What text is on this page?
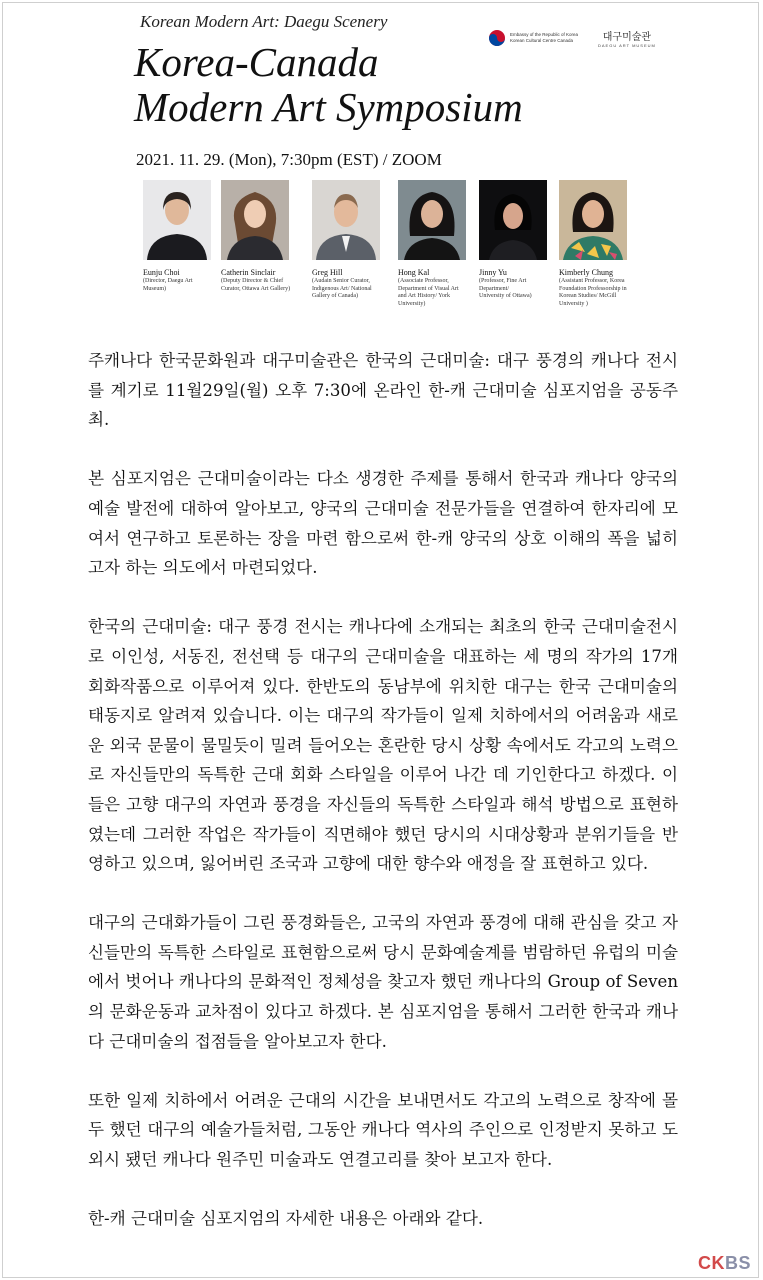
Korean Modern Art: Daegu Scenery
Korea-Canada
Modern Art Symposium
2021. 11. 29. (Mon), 7:30pm (EST) / ZOOM
Embassy of the Republic of Korea
Korean Cultural Centre Canada	대구미술관
DAEGU ART MUSEUM
Eunju Choi
(Director, Daegu Art
Museum)
Catherin Sinclair
(Deputy Director & Chief
Curator, Ottawa Art Gallery)
Greg Hill
(Audain Senior Curator,
Indigenous Art/ National
Gallery of Canada)
Hong Kal
(Associate Professor,
Department of Visual Art
and Art History/ York
University)
Jinny Yu
(Professor, Fine Art
Department/
University of Ottawa)
Kimberly Chung
(Assistant Professor, Korea
Foundation Professorship in
Korean Studies/ McGill
University )

주캐나다 한국문화원과 대구미술관은 한국의 근대미술: 대구 풍경의 캐나다 전시를 계기로 11월29일(월) 오후 7:30에 온라인 한-캐 근대미술 심포지엄을 공동주최.

본 심포지엄은 근대미술이라는 다소 생경한 주제를 통해서 한국과 캐나다 양국의 예술 발전에 대하여 알아보고, 양국의 근대미술 전문가들을 연결하여 한자리에 모여서 연구하고 토론하는 장을 마련 함으로써 한-캐 양국의 상호 이해의 폭을 넓히고자 하는 의도에서 마련되었다.

한국의 근대미술: 대구 풍경 전시는 캐나다에 소개되는 최초의 한국 근대미술전시로 이인성, 서동진, 전선택 등 대구의 근대미술을 대표하는 세 명의 작가의 17개 회화작품으로 이루어져 있다. 한반도의 동남부에 위치한 대구는 한국 근대미술의 태동지로 알려져 있습니다. 이는 대구의 작가들이 일제 치하에서의 어려움과 새로운 외국 문물이 물밀듯이 밀려 들어오는 혼란한 당시 상황 속에서도 각고의 노력으로 자신들만의 독특한 근대 회화 스타일을 이루어 나간 데 기인한다고 하겠다. 이들은 고향 대구의 자연과 풍경을 자신들의 독특한 스타일과 해석 방법으로 표현하였는데 그러한 작업은 작가들이 직면해야 했던 당시의 시대상황과 분위기들을 반영하고 있으며, 잃어버린 조국과 고향에 대한 향수와 애정을 잘 표현하고 있다.

대구의 근대화가들이 그린 풍경화들은, 고국의 자연과 풍경에 대해 관심을 갖고 자신들만의 독특한 스타일로 표현함으로써 당시 문화예술계를 범람하던 유럽의 미술에서 벗어나 캐나다의 문화적인 정체성을 찾고자 했던 캐나다의 Group of Seven의 문화운동과 교차점이 있다고 하겠다. 본 심포지엄을 통해서 그러한 한국과 캐나다 근대미술의 접점들을 알아보고자 한다.

또한 일제 치하에서 어려운 근대의 시간을 보내면서도 각고의 노력으로 창작에 몰두 했던 대구의 예술가들처럼, 그동안 캐나다 역사의 주인으로 인정받지 못하고 도외시 됐던 캐나다 원주민 미술과도 연결고리를 찾아 보고자 한다.

한-캐 근대미술 심포지엄의 자세한 내용은 아래와 같다.

CKBS
